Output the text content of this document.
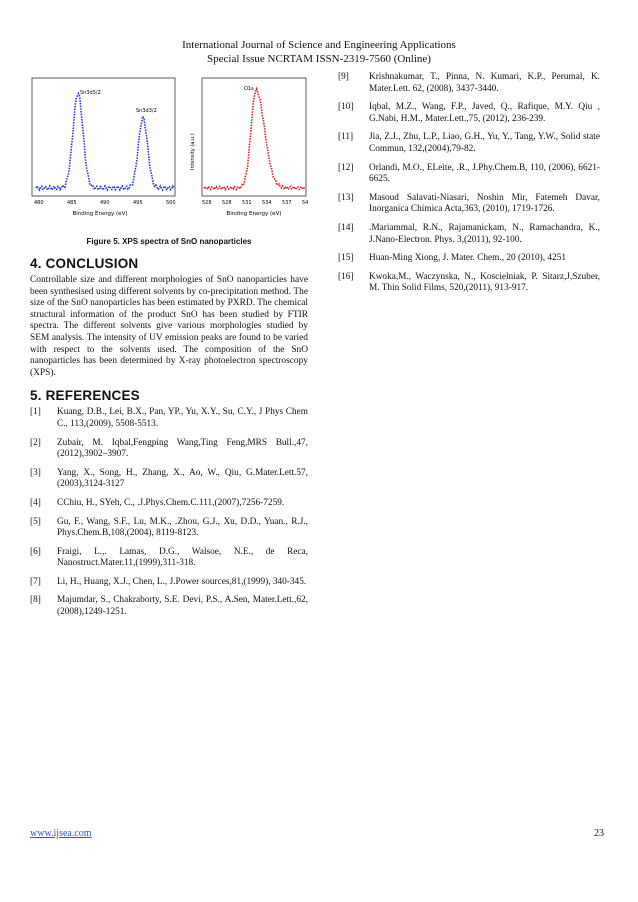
International Journal of Science and Engineering Applications
Special Issue NCRTAM ISSN-2319-7560 (Online)
Sn3d5/2
Sn3d3/2
480	485	490	495	500
Binding Energy (eV)
Intensity (a.u.)
O1s
528 528 531 534 537 54
Binding Energy (eV)
Figure 5. XPS spectra of SnO nanoparticles
4. CONCLUSION

Controllable size and different morphologies of SnO nanoparticles have been synthesised using different solvents by co-precipitation method. The size of the SnO nanoparticles has been estimated by PXRD. The chemical structural information of the product SnO has been studied by FTIR spectra. The different solvents give various morphologies studied by SEM analysis. The intensity of UV emission peaks are found to be varied with respect to the solvents used. The composition of the SnO nanoparticles has been determined by X-ray photoelectron spectroscopy (XPS).

5. REFERENCES
[1]	Kuang, D.B., Lei, B.X., Pan, YP., Yu, X.Y., Su, C.Y., J Phys Chem C., 113,(2009), 5508-5513.
[2]	Zubair, M. Iqbal,Fengping Wang,Ting Feng,MRS Bull.,47,(2012),3902–3907.
[3]	Yang, X., Song, H., Zhang, X., Ao, W., Qiu, G.Mater.Lett.57,(2003),3124-3127
[4]	CChiu, H., SYeh, C., .J.Phys.Chem.C.111,(2007),7256-7259.
[5]	Gu, F., Wang, S.F., Lu, M.K., .Zhou, G.J., Xu, D.D., Yuan., R.J., Phys.Chem.B,108,(2004), 8119-8123.
[6]	Fraigi, L.,. Lamas, D.G., Walsoe, N.E., de Reca, Nanostruct.Mater.11,(1999),311-318.
[7]	Li, H., Huang, X.J., Chen, L., J.Power sources,81,(1999), 340-345.
[8]	Majumdar, S., Chakraborty, S.E. Devi, P.S., A.Sen, Mater.Lett.,62,(2008),1249-1251.
[9]	Krishnakumar, T., Pinna, N. Kumari, K.P., Perumal, K. Mater.Lett. 62, (2008), 3437-3440.
[10]	Iqbal, M.Z., Wang, F.P., Javed, Q., Rafique, M.Y. Qiu , G.Nabi, H.M., Mater.Lett.,75, (2012), 236-239.
[11]	Jia, Z.J., Zhu, L.P., Liao, G.H., Yu, Y., Tang, Y.W., Solid state Commun, 132,(2004),79-82.
[12]	Orlandi, M.O., ELeite, .R., J.Phy.Chem.B, 110, (2006), 6621-6625.
[13]	Masoud Salavati-Niasari, Noshin Mir, Fatemeh Davar, Inorganica Chimica Acta,363, (2010), 1719-1726.
[14]	.Mariammal, R.N., Rajamanickam, N., Ramachandra, K., J.Nano-Electron. Phys. 3,(2011), 92-100.
[15]	Huan-Ming Xiong, J. Mater. Chem., 20 (2010), 4251
[16]	Kwoka,M., Waczynska, N., Koscielniak, P. Sitarz,J,Szuber, M. Thin Solid Films, 520,(2011), 913-917.
www.ijsea.com	23
